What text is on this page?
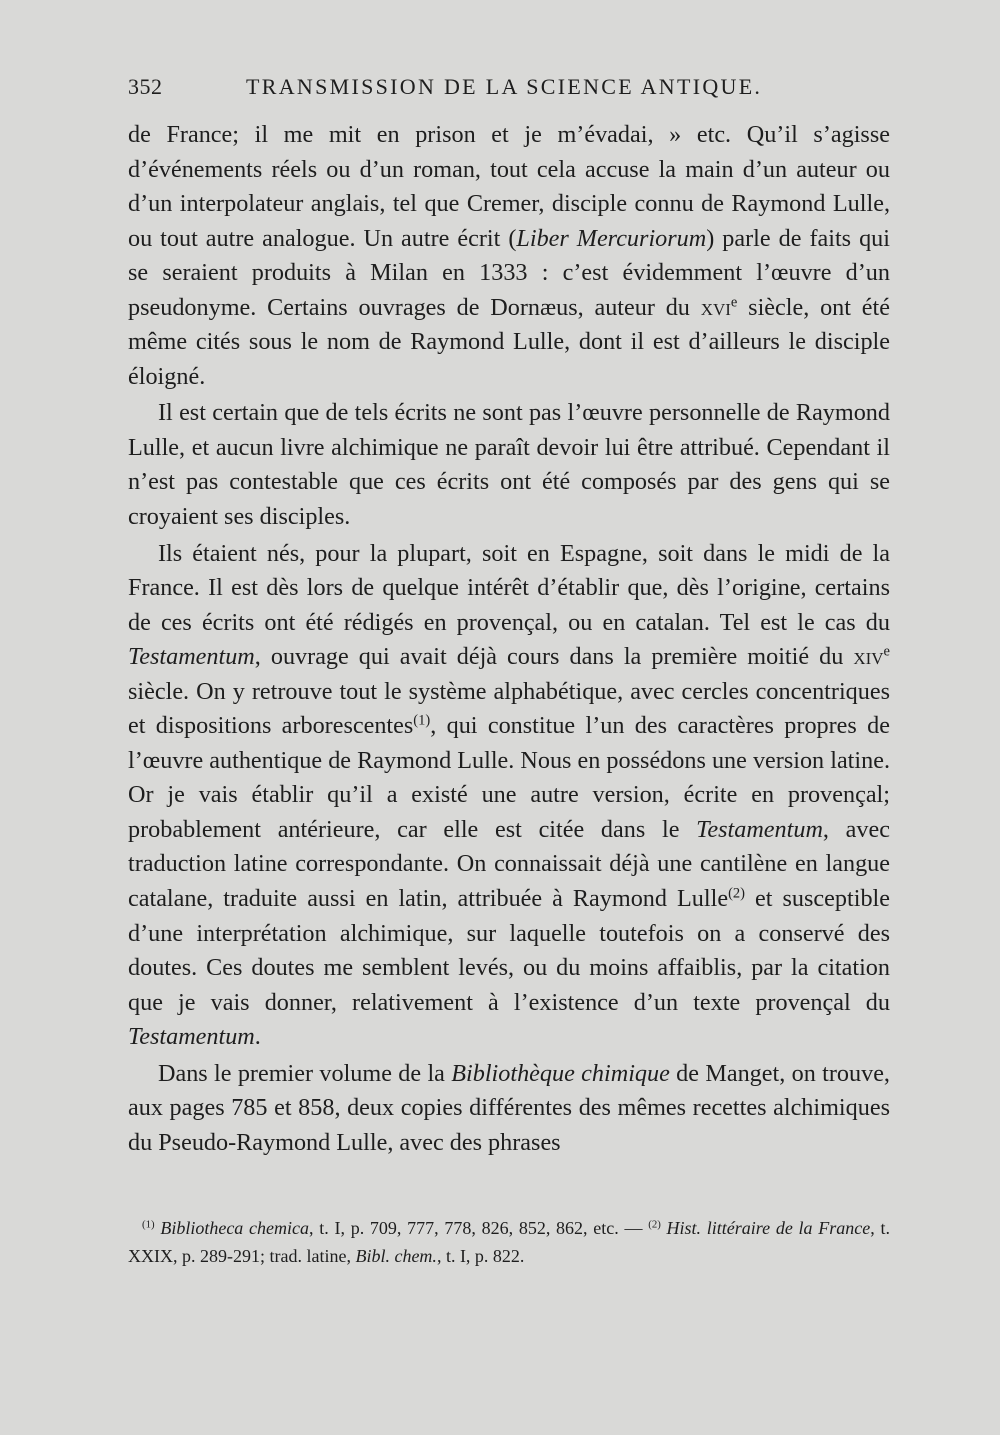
352	TRANSMISSION DE LA SCIENCE ANTIQUE.

de France; il me mit en prison et je m’évadai, » etc. Qu’il s’agisse d’événements réels ou d’un roman, tout cela accuse la main d’un auteur ou d’un interpolateur anglais, tel que Cremer, disciple connu de Raymond Lulle, ou tout autre analogue. Un autre écrit (Liber Mercuriorum) parle de faits qui se seraient produits à Milan en 1333 : c’est évidemment l’œuvre d’un pseudonyme. Certains ouvrages de Dornæus, auteur du xvi$^e$ siècle, ont été même cités sous le nom de Raymond Lulle, dont il est d’ailleurs le disciple éloigné.

Il est certain que de tels écrits ne sont pas l’œuvre personnelle de Raymond Lulle, et aucun livre alchimique ne paraît devoir lui être attribué. Cependant il n’est pas contestable que ces écrits ont été composés par des gens qui se croyaient ses disciples.

Ils étaient nés, pour la plupart, soit en Espagne, soit dans le midi de la France. Il est dès lors de quelque intérêt d’établir que, dès l’origine, certains de ces écrits ont été rédigés en provençal, ou en catalan. Tel est le cas du Testamentum, ouvrage qui avait déjà cours dans la première moitié du xiv$^e$ siècle. On y retrouve tout le système alphabétique, avec cercles concentriques et dispositions arborescentes$^{(1)}$, qui constitue l’un des caractères propres de l’œuvre authentique de Raymond Lulle. Nous en possédons une version latine. Or je vais établir qu’il a existé une autre version, écrite en provençal; probablement antérieure, car elle est citée dans le Testamentum, avec traduction latine correspondante. On connaissait déjà une cantilène en langue catalane, traduite aussi en latin, attribuée à Raymond Lulle$^{(2)}$ et susceptible d’une interprétation alchimique, sur laquelle toutefois on a conservé des doutes. Ces doutes me semblent levés, ou du moins affaiblis, par la citation que je vais donner, relativement à l’existence d’un texte provençal du Testamentum.

Dans le premier volume de la Bibliothèque chimique de Manget, on trouve, aux pages 785 et 858, deux copies différentes des mêmes recettes alchimiques du Pseudo-Raymond Lulle, avec des phrases

$^{(1)}$ Bibliotheca chemica, t. I, p. 709, 777, 778, 826, 852, 862, etc. — $^{(2)}$ Hist. littéraire de la France, t. XXIX, p. 289-291; trad. latine, Bibl. chem., t. I, p. 822.
